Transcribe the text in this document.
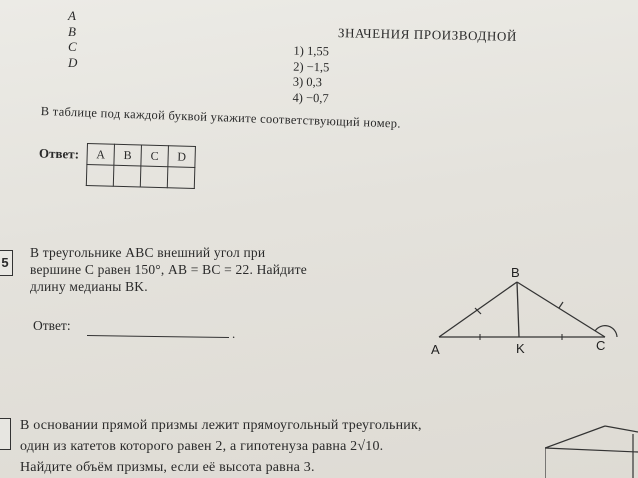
A
B
C
D
ЗНАЧЕНИЯ ПРОИЗВОДНОЙ
1) 1,55
2) −1,5
3) 0,3
4) −0,7
В таблице под каждой буквой укажите соответствующий номер.
Ответ: A	B	C	D

5
В треугольнике ABC внешний угол при
вершине C равен 150°, AB = BC = 22. Найдите
длину медианы BK.
Ответ:
.
B
A	K	C
В основании прямой призмы лежит прямоугольный треугольник,
один из катетов которого равен 2, а гипотенуза равна 2√10.
Найдите объём призмы, если её высота равна 3.
